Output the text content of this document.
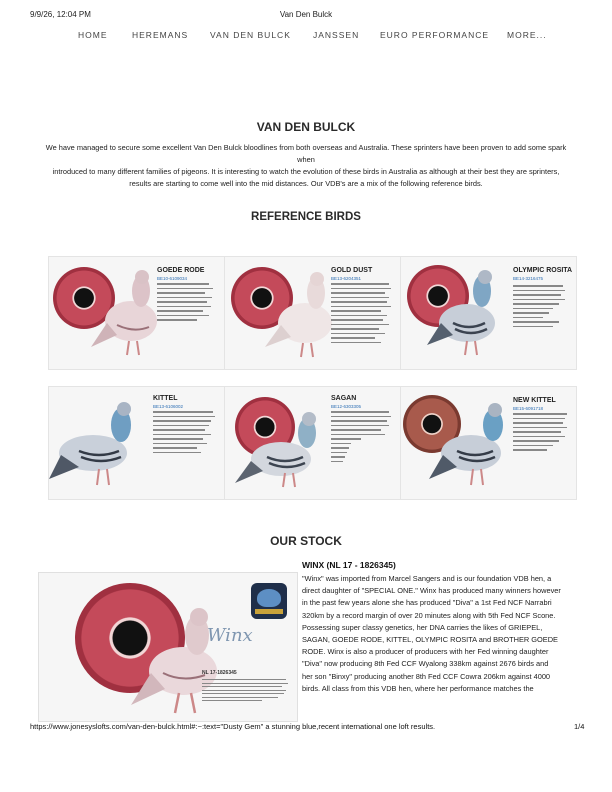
9/9/26, 12:04 PM	Van Den Bulck
HOME	HEREMANS	VAN DEN BULCK	JANSSEN EURO PERFORMANCE MORE...
VAN DEN BULCK
We have managed to secure some excellent Van Den Bulck bloodlines from both overseas and Australia. These sprinters have been proven to add some spark when
introduced to many different families of pigeons. It is interesting to watch the evolution of these birds in Australia as although at their best they are sprinters,
results are starting to come well into the mid distances. Our VDB's are a mix of the following reference birds.
REFERENCE BIRDS
GOEDE RODE
BE10-6109034
GOLD DUST
BE13-6204351
OLYMPIC ROSITA
BE14-3216475
KITTEL
BE13-6106002
SAGAN
BE12-6303305
NEW KITTEL
BE15-6091718
OUR STOCK
Winx
NL 17-1826345
WINX (NL 17 - 1826345)
"Winx" was imported from Marcel Sangers and is our foundation VDB hen, a
direct daughter of "SPECIAL ONE." Winx has produced many winners however
in the past few years alone she has produced "Diva" a 1st Fed NCF Narrabri
320km by a record margin of over 20 minutes along with 5th Fed NCF Scone.
Possessing super classy genetics, her DNA carries the likes of GRIEPEL,
SAGAN, GOEDE RODE, KITTEL, OLYMPIC ROSITA and BROTHER GOEDE
RODE. Winx is also a producer of producers with her Fed winning daughter
"Diva" now producing 8th Fed CCF Wyalong 338km against 2676 birds and
her son "Binxy" producing another 8th Fed CCF Cowra 206km against 4000
birds. All class from this VDB hen, where her performance matches the
https://www.jonesyslofts.com/van-den-bulck.html#:~:text="Dusty Gem" a stunning blue,recent international one loft results.	1/4
